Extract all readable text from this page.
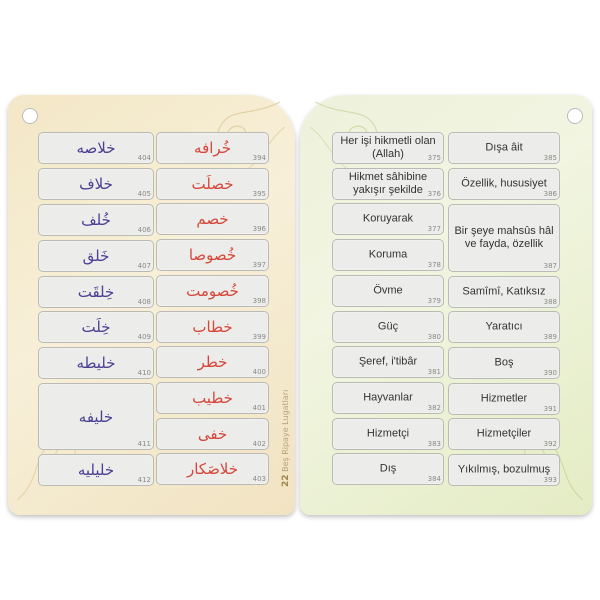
22 Beş Ripaye Lugatları
خلاصه
404
خلاف
405
خُلف
406
خَلق
407
خِلقَت
408
خِلَت
409
خليطه
410
خليفه
411
خليليه
412
خُرافه
394
خصلَت
395
خصم
396
خُصوصا
397
خُصومت
398
خطاب
399
خطر
400
خطيب
401
خفى
402
خلاصَكار
403
Her işi hikmetli olan (Allah)	375
Hikmet sâhibine yakışır şekilde 376
Koruyarak
377
Koruma
378
Övme
379
Güç
380
Şeref, i'tibâr
381
Hayvanlar
382
Hizmetçi
383
Dış
384
Dışa âit
385
Özellik, hususiyet
386
Bir şeye mahsûs hâl ve fayda, özellik
387
Samîmî, Katıksız
388
Yaratıcı
389
Boş
390
Hizmetler
391
Hizmetçiler
392
Yıkılmış, bozulmuş
393
